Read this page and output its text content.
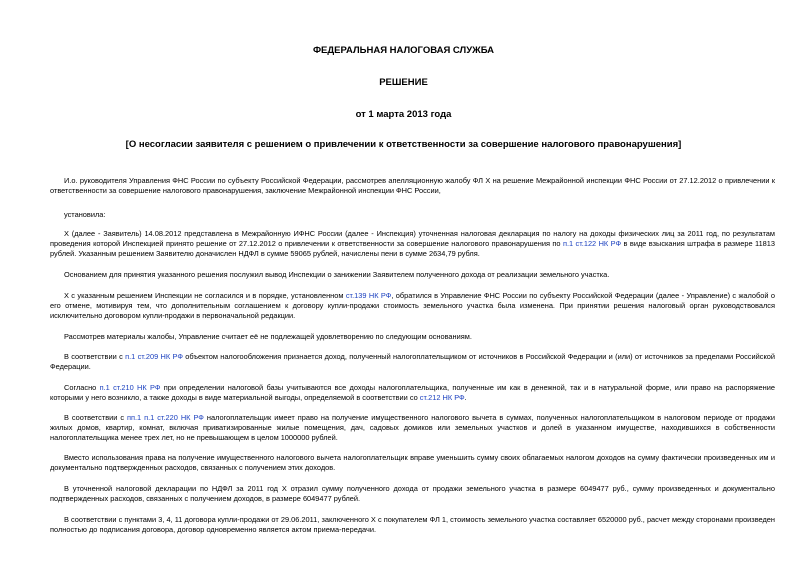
ФЕДЕРАЛЬНАЯ НАЛОГОВАЯ СЛУЖБА
РЕШЕНИЕ
от 1 марта 2013 года
[О несогласии заявителя с решением о привлечении к ответственности за совершение налогового правонарушения]
И.о. руководителя Управления ФНС России по субъекту Российской Федерации, рассмотрев апелляционную жалобу ФЛ Х на решение Межрайонной инспекции ФНС России от 27.12.2012 о привлечении к ответственности за совершение налогового правонарушения, заключение Межрайонной инспекции ФНС России,
установила:
Х (далее - Заявитель) 14.08.2012 представлена в Межрайонную ИФНС России (далее - Инспекция) уточненная налоговая декларация по налогу на доходы физических лиц за 2011 год, по результатам проведения которой Инспекцией принято решение от 27.12.2012 о привлечении к ответственности за совершение налогового правонарушения по п.1 ст.122 НК РФ в виде взыскания штрафа в размере 11813 рублей. Указанным решением Заявителю доначислен НДФЛ в сумме 59065 рублей, начислены пени в сумме 2634,79 рубля.
Основанием для принятия указанного решения послужил вывод Инспекции о занижении Заявителем полученного дохода от реализации земельного участка.
Х с указанным решением Инспекции не согласился и в порядке, установленном ст.139 НК РФ, обратился в Управление ФНС России по субъекту Российской Федерации (далее - Управление) с жалобой о его отмене, мотивируя тем, что дополнительным соглашением к договору купли-продажи стоимость земельного участка была изменена. При принятии решения налоговый орган руководствовался исключительно договором купли-продажи в первоначальной редакции.
Рассмотрев материалы жалобы, Управление считает её не подлежащей удовлетворению по следующим основаниям.
В соответствии с п.1 ст.209 НК РФ объектом налогообложения признается доход, полученный налогоплательщиком от источников в Российской Федерации и (или) от источников за пределами Российской Федерации.
Согласно п.1 ст.210 НК РФ при определении налоговой базы учитываются все доходы налогоплательщика, полученные им как в денежной, так и в натуральной форме, или право на распоряжение которыми у него возникло, а также доходы в виде материальной выгоды, определяемой в соответствии со ст.212 НК РФ.
В соответствии с пп.1 п.1 ст.220 НК РФ налогоплательщик имеет право на получение имущественного налогового вычета в суммах, полученных налогоплательщиком в налоговом периоде от продажи жилых домов, квартир, комнат, включая приватизированные жилые помещения, дач, садовых домиков или земельных участков и долей в указанном имуществе, находившихся в собственности налогоплательщика менее трех лет, но не превышающем в целом 1000000 рублей.
Вместо использования права на получение имущественного налогового вычета налогоплательщик вправе уменьшить сумму своих облагаемых налогом доходов на сумму фактически произведенных им и документально подтвержденных расходов, связанных с получением этих доходов.
В уточненной налоговой декларации по НДФЛ за 2011 год Х отразил сумму полученного дохода от продажи земельного участка в размере 6049477 руб., сумму произведенных и документально подтвержденных расходов, связанных с получением доходов, в размере 6049477 рублей.
В соответствии с пунктами 3, 4, 11 договора купли-продажи от 29.06.2011, заключенного Х с покупателем ФЛ 1, стоимость земельного участка составляет 6520000 руб., расчет между сторонами произведен полностью до подписания договора, договор одновременно является актом приема-передачи.
